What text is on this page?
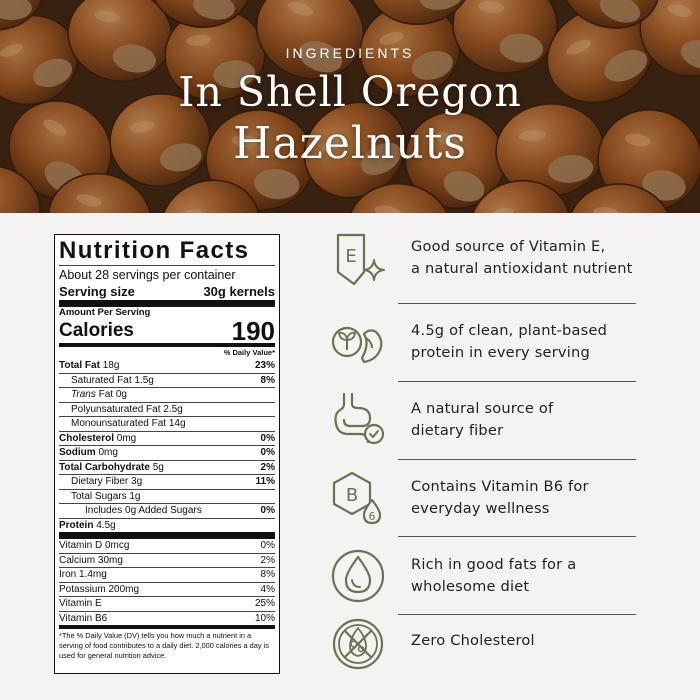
INGREDIENTS
In Shell Oregon
Hazelnuts
Nutrition Facts
About 28 servings per container
Serving size	30g kernels
Amount Per Serving
Calories	190
% Daily Value*
Total Fat 18g	23%
Saturated Fat 1.5g	8%
Trans Fat 0g
Polyunsaturated Fat 2.5g
Monounsaturated Fat 14g
Cholesterol 0mg	0%
Sodium 0mg	0%
Total Carbohydrate 5g	2%
Dietary Fiber 3g	11%
Total Sugars 1g
Includes 0g Added Sugars	0%
Protein 4.5g
Vitamin D 0mcg	0%
Calcium 30mg	2%
Iron 1.4mg	8%
Potassium 200mg	4%
Vitamin E	25%
Vitamin B6	10%
*The % Daily Value (DV) tells you how much a nutrient in a serving of food contributes to a daily diet. 2,000 calories a day is used for general nutrition advice.
E	Good source of Vitamin E,
a natural antioxidant nutrient
4.5g of clean, plant-based
protein in every serving
A natural source of
dietary fiber
B
6
Contains Vitamin B6 for
everyday wellness
Rich in good fats for a
wholesome diet
Zero Cholesterol
